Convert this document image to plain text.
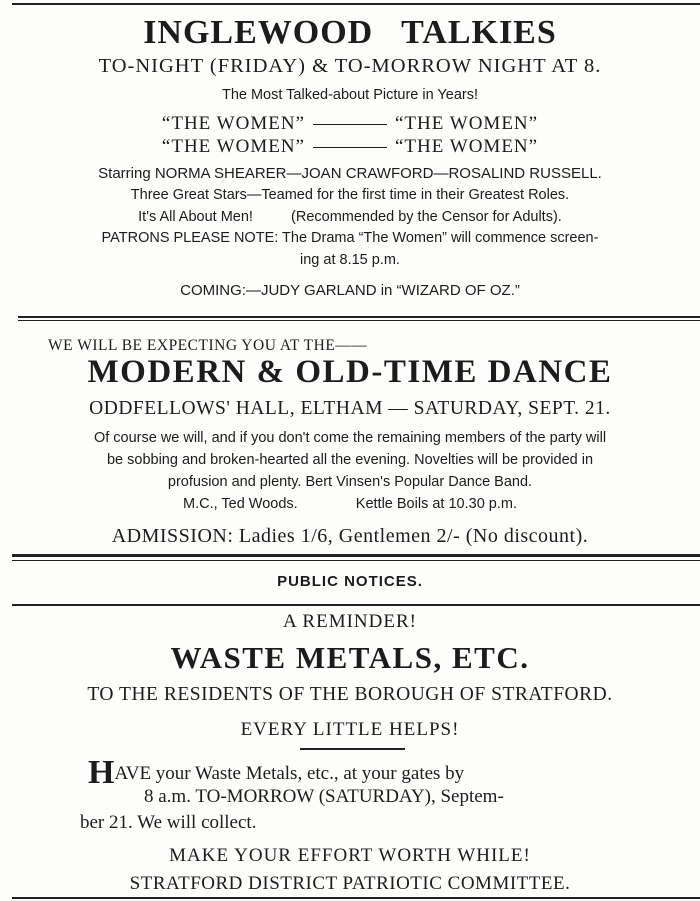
INGLEWOOD   TALKIES
TO-NIGHT (FRIDAY) & TO-MORROW NIGHT AT 8.
The Most Talked-about Picture in Years!
“THE WOMEN”	“THE WOMEN”
“THE WOMEN”	“THE WOMEN”
Starring NORMA SHEARER—JOAN CRAWFORD—ROSALIND RUSSELL.
Three Great Stars—Teamed for the first time in their Greatest Roles.
It's All About Men!	(Recommended by the Censor for Adults).
PATRONS PLEASE NOTE: The Drama “The Women” will commence screen-
ing at 8.15 p.m.
COMING:—JUDY GARLAND in “WIZARD OF OZ.”
WE WILL BE EXPECTING YOU AT THE——
MODERN & OLD-TIME DANCE
ODDFELLOWS' HALL, ELTHAM — SATURDAY, SEPT. 21.
Of course we will, and if you don't come the remaining members of the party will
be sobbing and broken-hearted all the evening. Novelties will be provided in
profusion and plenty. Bert Vinsen's Popular Dance Band.
M.C., Ted Woods.	Kettle Boils at 10.30 p.m.
ADMISSION: Ladies 1/6, Gentlemen 2/- (No discount).
PUBLIC NOTICES.
A REMINDER!
WASTE METALS, ETC.
TO THE RESIDENTS OF THE BOROUGH OF STRATFORD.
EVERY LITTLE HELPS!
HAVE your Waste Metals, etc., at your gates by
8 a.m. TO-MORROW (SATURDAY), Septem-
ber 21. We will collect.
MAKE YOUR EFFORT WORTH WHILE!
STRATFORD DISTRICT PATRIOTIC COMMITTEE.
